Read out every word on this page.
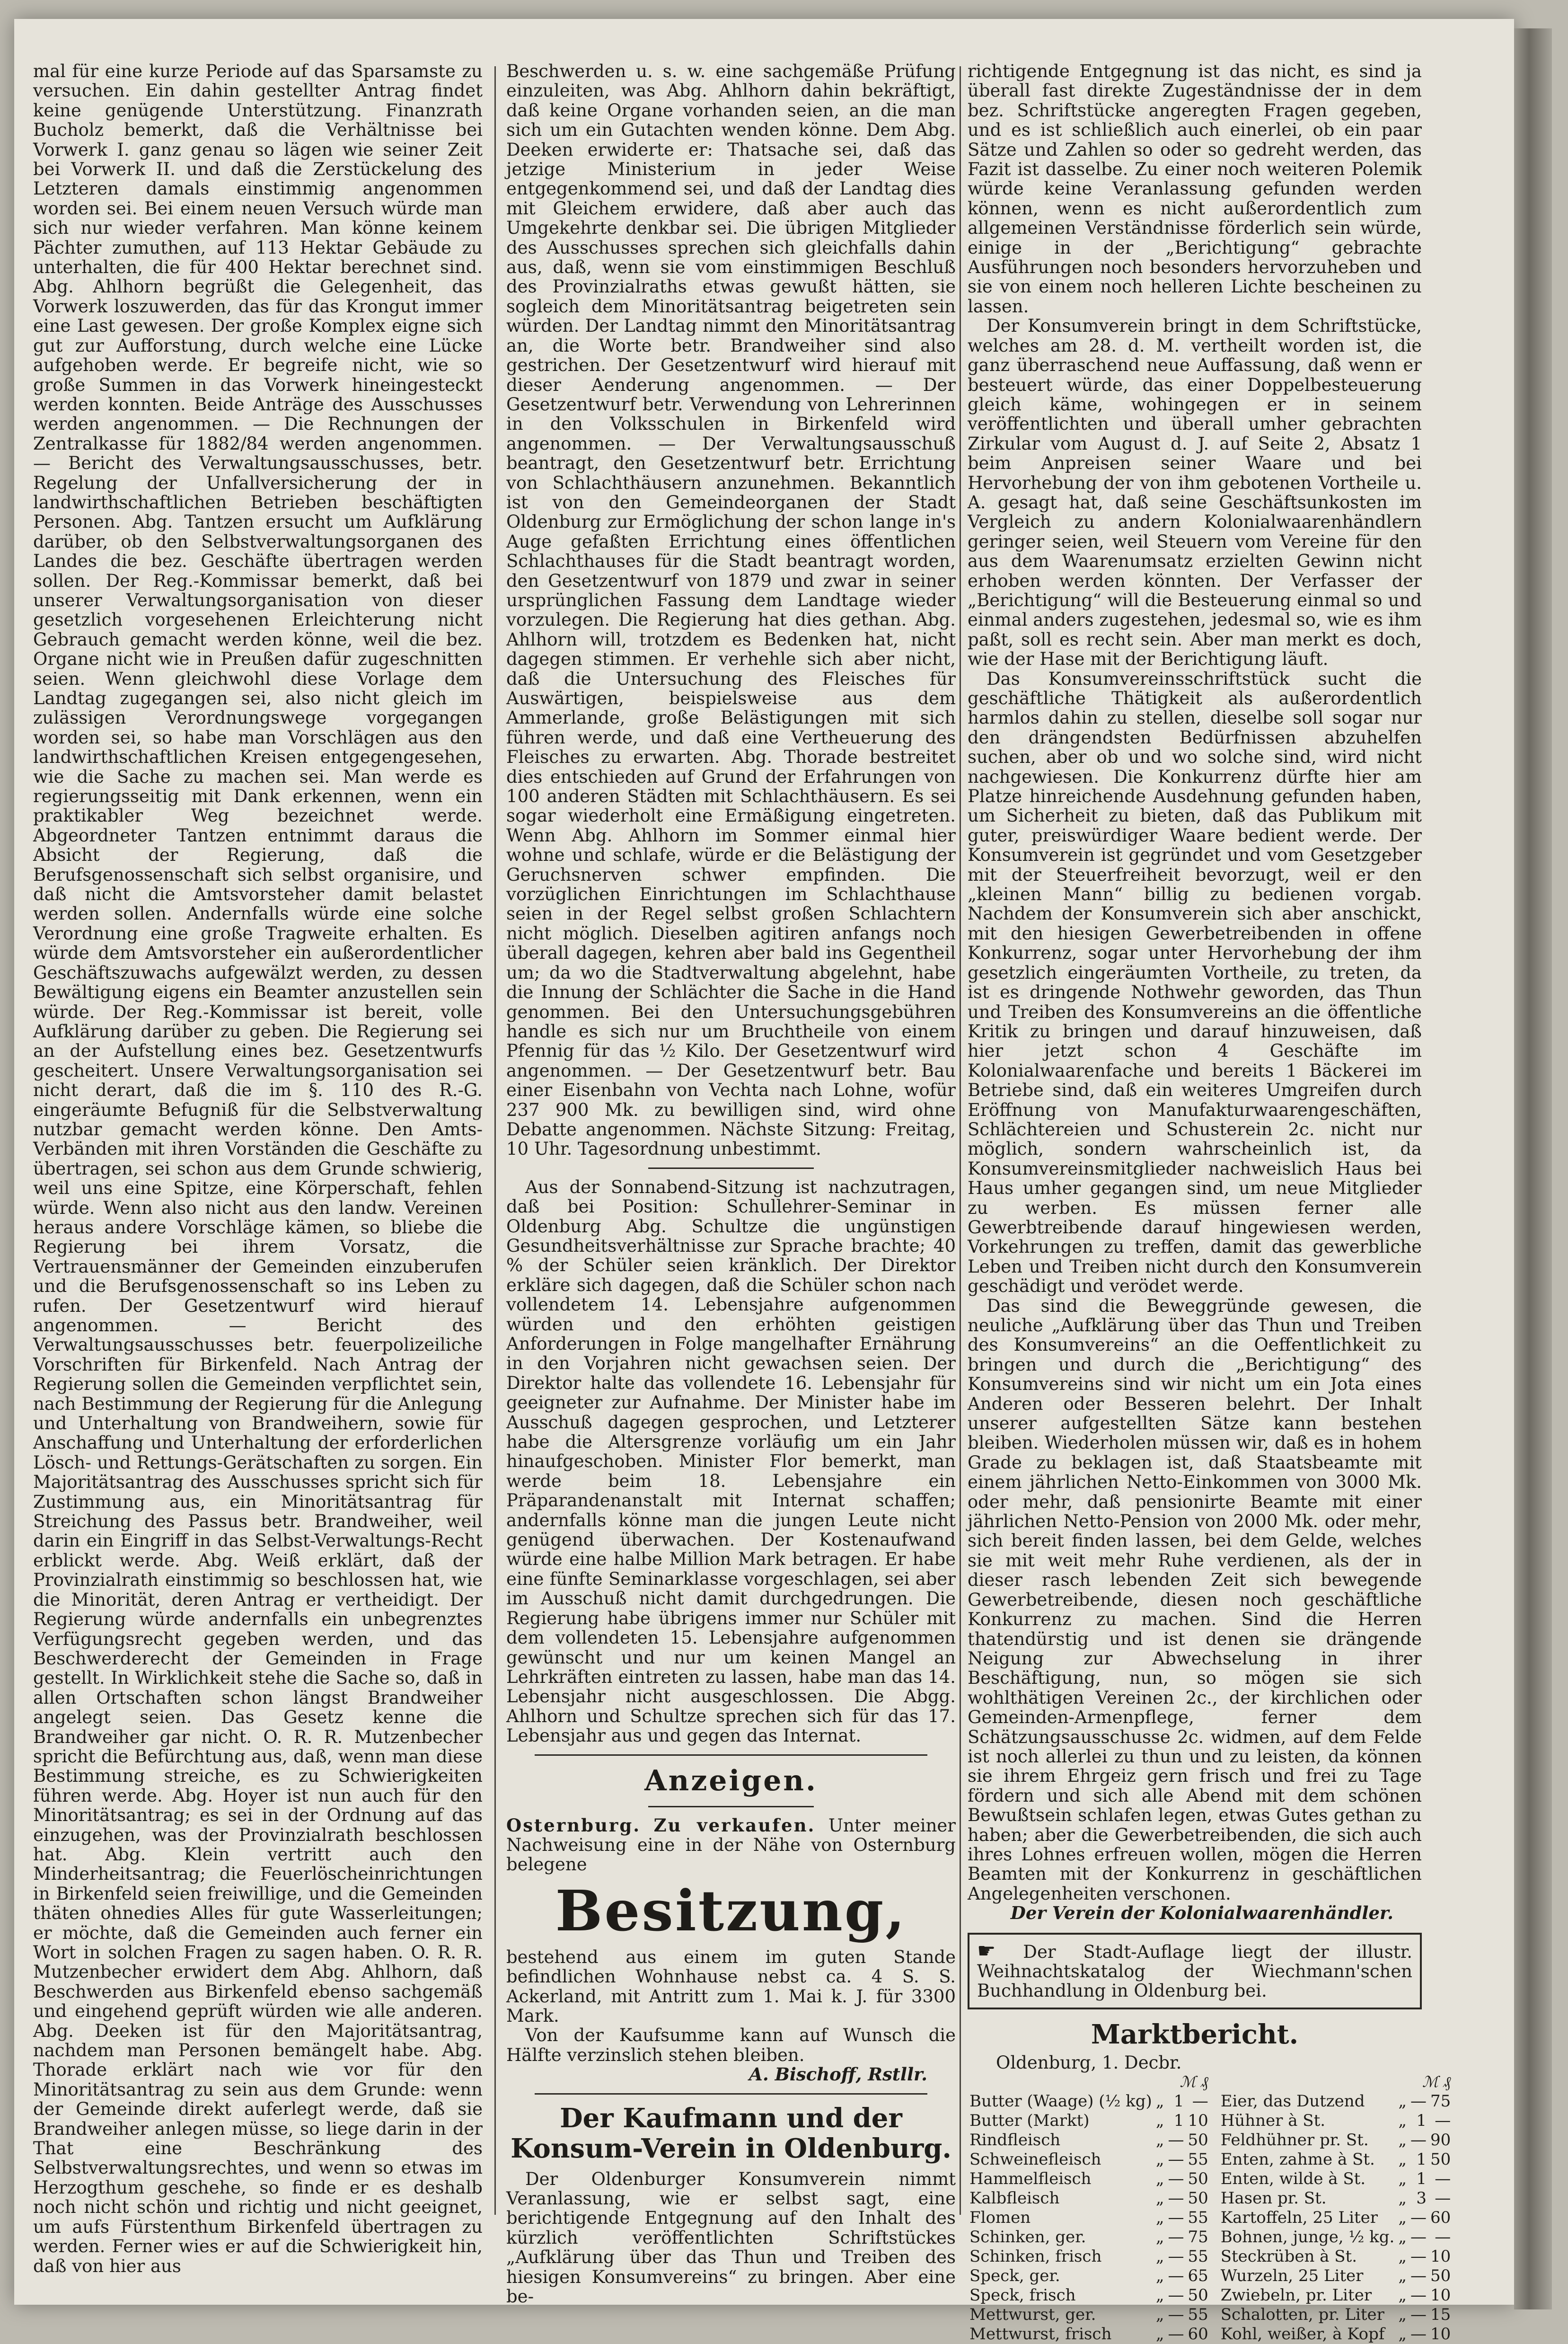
mal für eine kurze Periode auf das Sparsamste zu versuchen. Ein dahin gestellter Antrag findet keine genügende Unterstützung. Finanzrath Bucholz bemerkt, daß die Verhältnisse bei Vorwerk I. ganz genau so lägen wie seiner Zeit bei Vorwerk II. und daß die Zerstückelung des Letzteren damals einstimmig angenommen worden sei. Bei einem neuen Versuch würde man sich nur wieder verfahren. Man könne keinem Pächter zumuthen, auf 113 Hektar Gebäude zu unterhalten, die für 400 Hektar berechnet sind. Abg. Ahlhorn begrüßt die Gelegenheit, das Vorwerk loszuwerden, das für das Krongut immer eine Last gewesen. Der große Komplex eigne sich gut zur Aufforstung, durch welche eine Lücke aufgehoben werde. Er begreife nicht, wie so große Summen in das Vorwerk hineingesteckt werden konnten. Beide Anträge des Ausschusses werden angenommen. — Die Rechnungen der Zentralkasse für 1882/84 werden angenommen. — Bericht des Verwaltungsausschusses, betr. Regelung der Unfallversicherung der in landwirthschaftlichen Betrieben beschäftigten Personen. Abg. Tantzen ersucht um Aufklärung darüber, ob den Selbstverwaltungsorganen des Landes die bez. Geschäfte übertragen werden sollen. Der Reg.-Kommissar bemerkt, daß bei unserer Verwaltungsorganisation von dieser gesetzlich vorgesehenen Erleichterung nicht Gebrauch gemacht werden könne, weil die bez. Organe nicht wie in Preußen dafür zugeschnitten seien. Wenn gleichwohl diese Vorlage dem Landtag zugegangen sei, also nicht gleich im zulässigen Verordnungswege vorgegangen worden sei, so habe man Vorschlägen aus den landwirthschaftlichen Kreisen entgegengesehen, wie die Sache zu machen sei. Man werde es regierungsseitig mit Dank erkennen, wenn ein praktikabler Weg bezeichnet werde. Abgeordneter Tantzen entnimmt daraus die Absicht der Regierung, daß die Berufsgenossenschaft sich selbst organisire, und daß nicht die Amtsvorsteher damit belastet werden sollen. Andernfalls würde eine solche Verordnung eine große Tragweite erhalten. Es würde dem Amtsvorsteher ein außerordentlicher Geschäftszuwachs aufgewälzt werden, zu dessen Bewältigung eigens ein Beamter anzustellen sein würde. Der Reg.-Kommissar ist bereit, volle Aufklärung darüber zu geben. Die Regierung sei an der Aufstellung eines bez. Gesetzentwurfs gescheitert. Unsere Verwaltungsorganisation sei nicht derart, daß die im §. 110 des R.-G. eingeräumte Befugniß für die Selbstverwaltung nutzbar gemacht werden könne. Den Amts-Verbänden mit ihren Vorständen die Geschäfte zu übertragen, sei schon aus dem Grunde schwierig, weil uns eine Spitze, eine Körperschaft, fehlen würde. Wenn also nicht aus den landw. Vereinen heraus andere Vorschläge kämen, so bliebe die Regierung bei ihrem Vorsatz, die Vertrauensmänner der Gemeinden einzuberufen und die Berufsgenossenschaft so ins Leben zu rufen. Der Gesetzentwurf wird hierauf angenommen. — Bericht des Verwaltungsausschusses betr. feuerpolizeiliche Vorschriften für Birkenfeld. Nach Antrag der Regierung sollen die Gemeinden verpflichtet sein, nach Bestimmung der Regierung für die Anlegung und Unterhaltung von Brandweihern, sowie für Anschaffung und Unterhaltung der erforderlichen Lösch- und Rettungs-Gerätschaften zu sorgen. Ein Majoritätsantrag des Ausschusses spricht sich für Zustimmung aus, ein Minoritätsantrag für Streichung des Passus betr. Brandweiher, weil darin ein Eingriff in das Selbst-Verwaltungs-Recht erblickt werde. Abg. Weiß erklärt, daß der Provinzialrath einstimmig so beschlossen hat, wie die Minorität, deren Antrag er vertheidigt. Der Regierung würde andernfalls ein unbegrenztes Verfügungsrecht gegeben werden, und das Beschwerderecht der Gemeinden in Frage gestellt. In Wirklichkeit stehe die Sache so, daß in allen Ortschaften schon längst Brandweiher angelegt seien. Das Gesetz kenne die Brandweiher gar nicht. O. R. R. Mutzenbecher spricht die Befürchtung aus, daß, wenn man diese Bestimmung streiche, es zu Schwierigkeiten führen werde. Abg. Hoyer ist nun auch für den Minoritätsantrag; es sei in der Ordnung auf das einzugehen, was der Provinzialrath beschlossen hat. Abg. Klein vertritt auch den Minderheitsantrag; die Feuerlöscheinrichtungen in Birkenfeld seien freiwillige, und die Gemeinden thäten ohnedies Alles für gute Wasserleitungen; er möchte, daß die Gemeinden auch ferner ein Wort in solchen Fragen zu sagen haben. O. R. R. Mutzenbecher erwidert dem Abg. Ahlhorn, daß Beschwerden aus Birkenfeld ebenso sachgemäß und eingehend geprüft würden wie alle anderen. Abg. Deeken ist für den Majoritätsantrag, nachdem man Personen bemängelt habe. Abg. Thorade erklärt nach wie vor für den Minoritätsantrag zu sein aus dem Grunde: wenn der Gemeinde direkt auferlegt werde, daß sie Brandweiher anlegen müsse, so liege darin in der That eine Beschränkung des Selbstverwaltungsrechtes, und wenn so etwas im Herzogthum geschehe, so finde er es deshalb noch nicht schön und richtig und nicht geeignet, um aufs Fürstenthum Birkenfeld übertragen zu werden. Ferner wies er auf die Schwierigkeit hin, daß von hier aus

Beschwerden u. s. w. eine sachgemäße Prüfung einzuleiten, was Abg. Ahlhorn dahin bekräftigt, daß keine Organe vorhanden seien, an die man sich um ein Gutachten wenden könne. Dem Abg. Deeken erwiderte er: Thatsache sei, daß das jetzige Ministerium in jeder Weise entgegenkommend sei, und daß der Landtag dies mit Gleichem erwidere, daß aber auch das Umgekehrte denkbar sei. Die übrigen Mitglieder des Ausschusses sprechen sich gleichfalls dahin aus, daß, wenn sie vom einstimmigen Beschluß des Provinzialraths etwas gewußt hätten, sie sogleich dem Minoritätsantrag beigetreten sein würden. Der Landtag nimmt den Minoritätsantrag an, die Worte betr. Brandweiher sind also gestrichen. Der Gesetzentwurf wird hierauf mit dieser Aenderung angenommen. — Der Gesetzentwurf betr. Verwendung von Lehrerinnen in den Volksschulen in Birkenfeld wird angenommen. — Der Verwaltungsausschuß beantragt, den Gesetzentwurf betr. Errichtung von Schlachthäusern anzunehmen. Bekanntlich ist von den Gemeindeorganen der Stadt Oldenburg zur Ermöglichung der schon lange in's Auge gefaßten Errichtung eines öffentlichen Schlachthauses für die Stadt beantragt worden, den Gesetzentwurf von 1879 und zwar in seiner ursprünglichen Fassung dem Landtage wieder vorzulegen. Die Regierung hat dies gethan. Abg. Ahlhorn will, trotzdem es Bedenken hat, nicht dagegen stimmen. Er verhehle sich aber nicht, daß die Untersuchung des Fleisches für Auswärtigen, beispielsweise aus dem Ammerlande, große Belästigungen mit sich führen werde, und daß eine Vertheuerung des Fleisches zu erwarten. Abg. Thorade bestreitet dies entschieden auf Grund der Erfahrungen von 100 anderen Städten mit Schlachthäusern. Es sei sogar wiederholt eine Ermäßigung eingetreten. Wenn Abg. Ahlhorn im Sommer einmal hier wohne und schlafe, würde er die Belästigung der Geruchsnerven schwer empfinden. Die vorzüglichen Einrichtungen im Schlachthause seien in der Regel selbst großen Schlachtern nicht möglich. Dieselben agitiren anfangs noch überall dagegen, kehren aber bald ins Gegentheil um; da wo die Stadtverwaltung abgelehnt, habe die Innung der Schlächter die Sache in die Hand genommen. Bei den Untersuchungsgebühren handle es sich nur um Bruchtheile von einem Pfennig für das ½ Kilo. Der Gesetzentwurf wird angenommen. — Der Gesetzentwurf betr. Bau einer Eisenbahn von Vechta nach Lohne, wofür 237 900 Mk. zu bewilligen sind, wird ohne Debatte angenommen. Nächste Sitzung: Freitag, 10 Uhr. Tagesordnung unbestimmt.

Aus der Sonnabend-Sitzung ist nachzutragen, daß bei Position: Schullehrer-Seminar in Oldenburg Abg. Schultze die ungünstigen Gesundheitsverhältnisse zur Sprache brachte; 40 % der Schüler seien kränklich. Der Direktor erkläre sich dagegen, daß die Schüler schon nach vollendetem 14. Lebensjahre aufgenommen würden und den erhöhten geistigen Anforderungen in Folge mangelhafter Ernährung in den Vorjahren nicht gewachsen seien. Der Direktor halte das vollendete 16. Lebensjahr für geeigneter zur Aufnahme. Der Minister habe im Ausschuß dagegen gesprochen, und Letzterer habe die Altersgrenze vorläufig um ein Jahr hinaufgeschoben. Minister Flor bemerkt, man werde beim 18. Lebensjahre ein Präparandenanstalt mit Internat schaffen; andernfalls könne man die jungen Leute nicht genügend überwachen. Der Kostenaufwand würde eine halbe Million Mark betragen. Er habe eine fünfte Seminarklasse vorgeschlagen, sei aber im Ausschuß nicht damit durchgedrungen. Die Regierung habe übrigens immer nur Schüler mit dem vollendeten 15. Lebensjahre aufgenommen gewünscht und nur um keinen Mangel an Lehrkräften eintreten zu lassen, habe man das 14. Lebensjahr nicht ausgeschlossen. Die Abgg. Ahlhorn und Schultze sprechen sich für das 17. Lebensjahr aus und gegen das Internat.

Anzeigen.

Osternburg. Zu verkaufen. Unter meiner Nachweisung eine in der Nähe von Osternburg belegene

Besitzung,

bestehend aus einem im guten Stande befindlichen Wohnhause nebst ca. 4 S. S. Ackerland, mit Antritt zum 1. Mai k. J. für 3300 Mark.

Von der Kaufsumme kann auf Wunsch die Hälfte verzinslich stehen bleiben.

A. Bischoff, Rstllr.
Der Kaufmann und der Konsum-Verein in Oldenburg.

Der Oldenburger Konsumverein nimmt Veranlassung, wie er selbst sagt, eine berichtigende Entgegnung auf den Inhalt des kürzlich veröffentlichten Schriftstückes „Aufklärung über das Thun und Treiben des hiesigen Konsumvereins“ zu bringen. Aber eine be-

richtigende Entgegnung ist das nicht, es sind ja überall fast direkte Zugeständnisse der in dem bez. Schriftstücke angeregten Fragen gegeben, und es ist schließlich auch einerlei, ob ein paar Sätze und Zahlen so oder so gedreht werden, das Fazit ist dasselbe. Zu einer noch weiteren Polemik würde keine Veranlassung gefunden werden können, wenn es nicht außerordentlich zum allgemeinen Verständnisse förderlich sein würde, einige in der „Berichtigung“ gebrachte Ausführungen noch besonders hervorzuheben und sie von einem noch helleren Lichte bescheinen zu lassen.

Der Konsumverein bringt in dem Schriftstücke, welches am 28. d. M. vertheilt worden ist, die ganz überraschend neue Auffassung, daß wenn er besteuert würde, das einer Doppelbesteuerung gleich käme, wohingegen er in seinem veröffentlichten und überall umher gebrachten Zirkular vom August d. J. auf Seite 2, Absatz 1 beim Anpreisen seiner Waare und bei Hervorhebung der von ihm gebotenen Vortheile u. A. gesagt hat, daß seine Geschäftsunkosten im Vergleich zu andern Kolonialwaarenhändlern geringer seien, weil Steuern vom Vereine für den aus dem Waarenumsatz erzielten Gewinn nicht erhoben werden könnten. Der Verfasser der „Berichtigung“ will die Besteuerung einmal so und einmal anders zugestehen, jedesmal so, wie es ihm paßt, soll es recht sein. Aber man merkt es doch, wie der Hase mit der Berichtigung läuft.

Das Konsumvereinsschriftstück sucht die geschäftliche Thätigkeit als außerordentlich harmlos dahin zu stellen, dieselbe soll sogar nur den drängendsten Bedürfnissen abzuhelfen suchen, aber ob und wo solche sind, wird nicht nachgewiesen. Die Konkurrenz dürfte hier am Platze hinreichende Ausdehnung gefunden haben, um Sicherheit zu bieten, daß das Publikum mit guter, preiswürdiger Waare bedient werde. Der Konsumverein ist gegründet und vom Gesetzgeber mit der Steuerfreiheit bevorzugt, weil er den „kleinen Mann“ billig zu bedienen vorgab. Nachdem der Konsumverein sich aber anschickt, mit den hiesigen Gewerbetreibenden in offene Konkurrenz, sogar unter Hervorhebung der ihm gesetzlich eingeräumten Vortheile, zu treten, da ist es dringende Nothwehr geworden, das Thun und Treiben des Konsumvereins an die öffentliche Kritik zu bringen und darauf hinzuweisen, daß hier jetzt schon 4 Geschäfte im Kolonialwaarenfache und bereits 1 Bäckerei im Betriebe sind, daß ein weiteres Umgreifen durch Eröffnung von Manufakturwaarengeschäften, Schlächtereien und Schusterein 2c. nicht nur möglich, sondern wahrscheinlich ist, da Konsumvereinsmitglieder nachweislich Haus bei Haus umher gegangen sind, um neue Mitglieder zu werben. Es müssen ferner alle Gewerbtreibende darauf hingewiesen werden, Vorkehrungen zu treffen, damit das gewerbliche Leben und Treiben nicht durch den Konsumverein geschädigt und verödet werde.

Das sind die Beweggründe gewesen, die neuliche „Aufklärung über das Thun und Treiben des Konsumvereins“ an die Oeffentlichkeit zu bringen und durch die „Berichtigung“ des Konsumvereins sind wir nicht um ein Jota eines Anderen oder Besseren belehrt. Der Inhalt unserer aufgestellten Sätze kann bestehen bleiben. Wiederholen müssen wir, daß es in hohem Grade zu beklagen ist, daß Staatsbeamte mit einem jährlichen Netto-Einkommen von 3000 Mk. oder mehr, daß pensionirte Beamte mit einer jährlichen Netto-Pension von 2000 Mk. oder mehr, sich bereit finden lassen, bei dem Gelde, welches sie mit weit mehr Ruhe verdienen, als der in dieser rasch lebenden Zeit sich bewegende Gewerbetreibende, diesen noch geschäftliche Konkurrenz zu machen. Sind die Herren thatendürstig und ist denen sie drängende Neigung zur Abwechselung in ihrer Beschäftigung, nun, so mögen sie sich wohlthätigen Vereinen 2c., der kirchlichen oder Gemeinden-Armenpflege, ferner dem Schätzungsausschusse 2c. widmen, auf dem Felde ist noch allerlei zu thun und zu leisten, da können sie ihrem Ehrgeiz gern frisch und frei zu Tage fördern und sich alle Abend mit dem schönen Bewußtsein schlafen legen, etwas Gutes gethan zu haben; aber die Gewerbetreibenden, die sich auch ihres Lohnes erfreuen wollen, mögen die Herren Beamten mit der Konkurrenz in geschäftlichen Angelegenheiten verschonen.

Der Verein der Kolonialwaarenhändler.
☛ Der Stadt-Auflage liegt der illustr. Weihnachtskatalog der Wiechmann'schen Buchhandlung in Oldenburg bei.
Marktbericht.

Oldenburg, 1. Decbr.

ℳ ₰			
Butter (Waage) (½ kg)	„	1	—
Butter (Markt)	„	1	10
Rindfleisch	„	—	50
Schweinefleisch	„	—	55
Hammelfleisch	„	—	50
Kalbfleisch	„	—	50
Flomen	„	—	55
Schinken, ger.	„	—	75
Schinken, frisch	„	—	55
Speck, ger.	„	—	65
Speck, frisch	„	—	50
Mettwurst, ger.	„	—	55
Mettwurst, frisch	„	—	60
ℳ ₰			
Eier, das Dutzend	„	—	75
Hühner à St.	„	1	—
Feldhühner pr. St.	„	—	90
Enten, zahme à St.	„	1	50
Enten, wilde à St.	„	1	—
Hasen pr. St.	„	3	—
Kartoffeln, 25 Liter	„	—	60
Bohnen, junge, ½ kg.	„	—	—
Steckrüben à St.	„	—	10
Wurzeln, 25 Liter	„	—	50
Zwiebeln, pr. Liter	„	—	10
Schalotten, pr. Liter	„	—	15
Kohl, weißer, à Kopf	„	—	10
